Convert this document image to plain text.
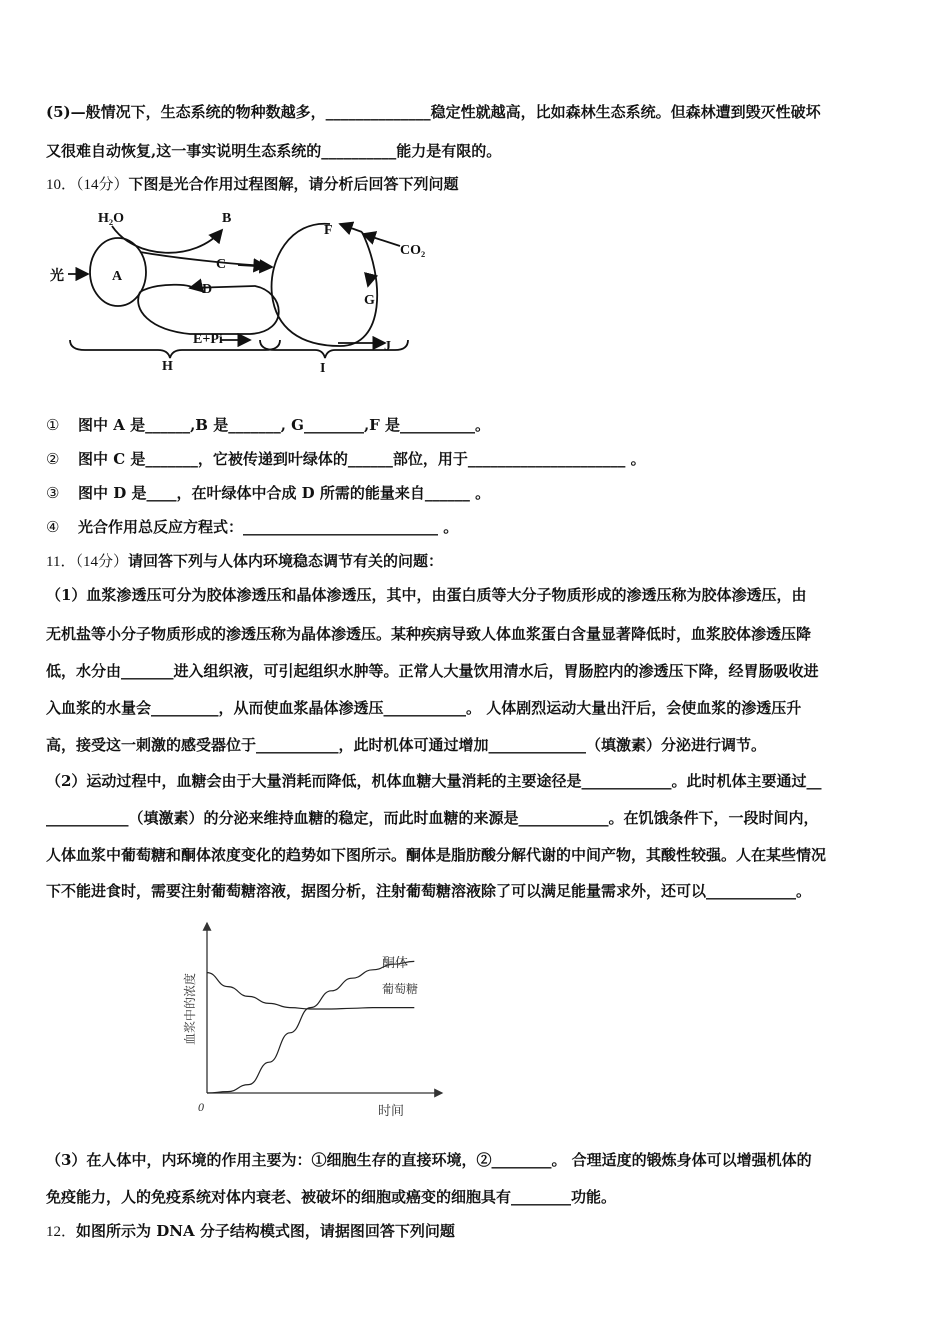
(5)—般情况下，生态系统的物种数越多，______________稳定性就越高，比如森林生态系统。但森林遭到毁灭性破坏
又很难自动恢复,这一事实说明生态系统的__________能力是有限的。
10．（14分）下图是光合作用过程图解，请分析后回答下列问题
H₂O	B
光	A
C
D
E+Pi
H
F
CO₂
G
J
I
① 图中 A 是______,B 是_______, G________,F 是__________。
② 图中 C 是_______，它被传递到叶绿体的______部位，用于_____________________ 。
③ 图中 D 是____，在叶绿体中合成 D 所需的能量来自______ 。
④ 光合作用总反应方程式：__________________________ 。
11．（14分）请回答下列与人体内环境稳态调节有关的问题：
（1）血浆渗透压可分为胶体渗透压和晶体渗透压，其中，由蛋白质等大分子物质形成的渗透压称为胶体渗透压，由
无机盐等小分子物质形成的渗透压称为晶体渗透压。某种疾病导致人体血浆蛋白含量显著降低时，血浆胶体渗透压降
低，水分由_______进入组织液，可引起组织水肿等。正常人大量饮用清水后，胃肠腔内的渗透压下降，经胃肠吸收进
入血浆的水量会_________，从而使血浆晶体渗透压___________。 人体剧烈运动大量出汗后，会使血浆的渗透压升
高，接受这一刺激的感受器位于___________，此时机体可通过增加_____________（填激素）分泌进行调节。
（2）运动过程中，血糖会由于大量消耗而降低，机体血糖大量消耗的主要途径是____________。此时机体主要通过__
___________（填激素）的分泌来维持血糖的稳定，而此时血糖的来源是____________。在饥饿条件下，一段时间内，
人体血浆中葡萄糖和酮体浓度变化的趋势如下图所示。酮体是脂肪酸分解代谢的中间产物，其酸性较强。人在某些情况
下不能进食时，需要注射葡萄糖溶液，据图分析，注射葡萄糖溶液除了可以满足能量需求外，还可以____________。
0	时间
血浆中的浓度
酮体
葡萄糖
（3）在人体中，内环境的作用主要为：①细胞生存的直接环境，②________。 合理适度的锻炼身体可以增强机体的
免疫能力，人的免疫系统对体内衰老、被破坏的细胞或癌变的细胞具有________功能。
12．如图所示为 DNA 分子结构模式图，请据图回答下列问题
